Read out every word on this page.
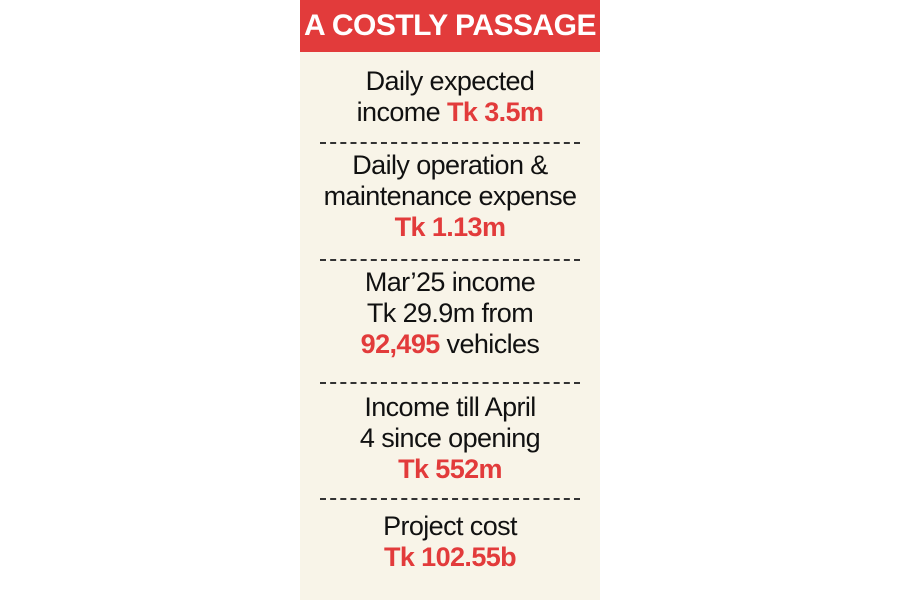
A COSTLY PASSAGE
Daily expected
income Tk 3.5m
Daily operation &
maintenance expense
Tk 1.13m
Mar’25 income
Tk 29.9m from
92,495 vehicles
Income till April
4 since opening
Tk 552m
Project cost
Tk 102.55b
